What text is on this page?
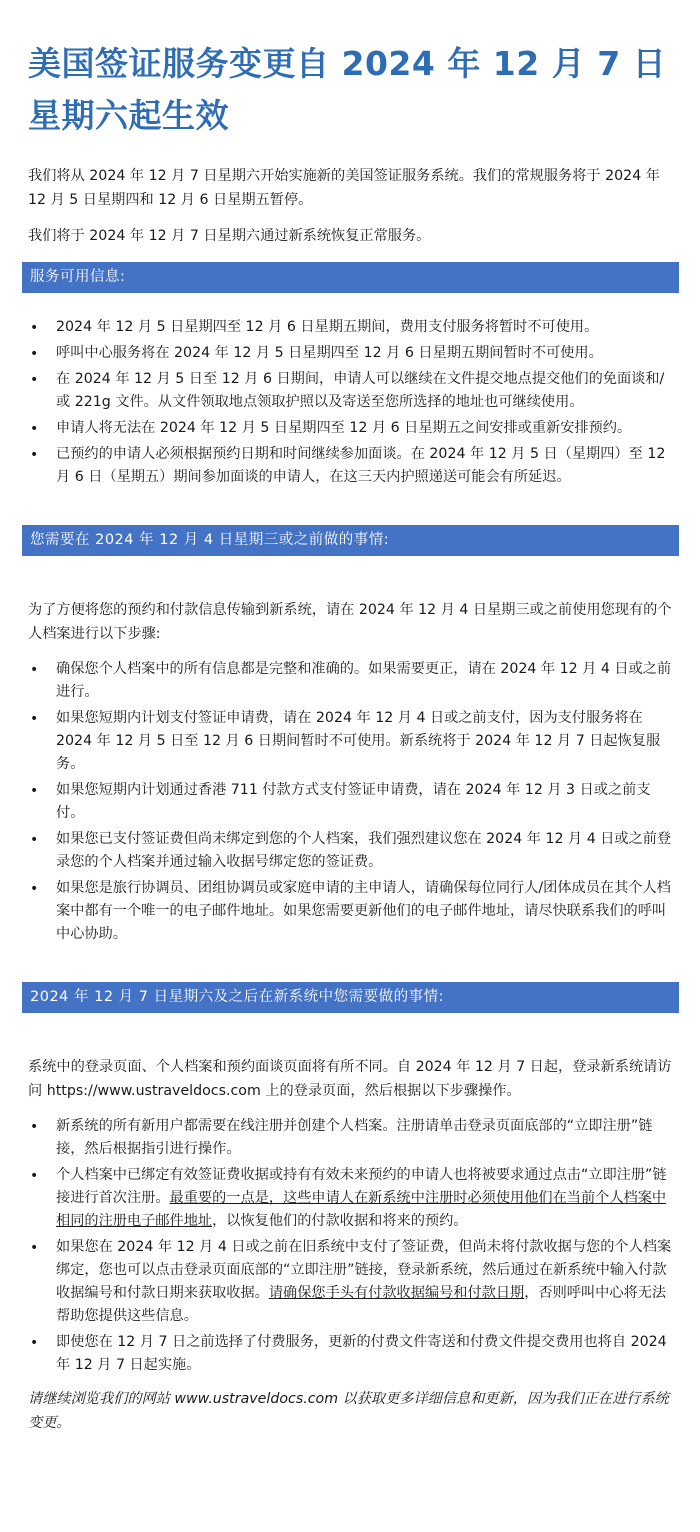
美国签证服务变更自 2024 年 12 月 7 日
星期六起生效

我们将从 2024 年 12 月 7 日星期六开始实施新的美国签证服务系统。我们的常规服务将于 2024 年 12 月 5 日星期四和 12 月 6 日星期五暂停。

我们将于 2024 年 12 月 7 日星期六通过新系统恢复正常服务。

服务可用信息:
• 2024 年 12 月 5 日星期四至 12 月 6 日星期五期间，费用支付服务将暂时不可使用。
• 呼叫中心服务将在 2024 年 12 月 5 日星期四至 12 月 6 日星期五期间暂时不可使用。
• 在 2024 年 12 月 5 日至 12 月 6 日期间，申请人可以继续在文件提交地点提交他们的免面谈和/或 221g 文件。从文件领取地点领取护照以及寄送至您所选择的地址也可继续使用。
• 申请人将无法在 2024 年 12 月 5 日星期四至 12 月 6 日星期五之间安排或重新安排预约。
• 已预约的申请人必须根据预约日期和时间继续参加面谈。在 2024 年 12 月 5 日（星期四）至 12 月 6 日（星期五）期间参加面谈的申请人，在这三天内护照递送可能会有所延迟。
您需要在 2024 年 12 月 4 日星期三或之前做的事情:

为了方便将您的预约和付款信息传输到新系统，请在 2024 年 12 月 4 日星期三或之前使用您现有的个人档案进行以下步骤:

• 确保您个人档案中的所有信息都是完整和准确的。如果需要更正，请在 2024 年 12 月 4 日或之前进行。
• 如果您短期内计划支付签证申请费，请在 2024 年 12 月 4 日或之前支付，因为支付服务将在 2024 年 12 月 5 日至 12 月 6 日期间暂时不可使用。新系统将于 2024 年 12 月 7 日起恢复服务。
• 如果您短期内计划通过香港 711 付款方式支付签证申请费，请在 2024 年 12 月 3 日或之前支付。
• 如果您已支付签证费但尚未绑定到您的个人档案，我们强烈建议您在 2024 年 12 月 4 日或之前登录您的个人档案并通过输入收据号绑定您的签证费。
• 如果您是旅行协调员、团组协调员或家庭申请的主申请人，请确保每位同行人/团体成员在其个人档案中都有一个唯一的电子邮件地址。如果您需要更新他们的电子邮件地址，请尽快联系我们的呼叫中心协助。
2024 年 12 月 7 日星期六及之后在新系统中您需要做的事情:

系统中的登录页面、个人档案和预约面谈页面将有所不同。自 2024 年 12 月 7 日起，登录新系统请访问 https://www.ustraveldocs.com 上的登录页面，然后根据以下步骤操作。

• 新系统的所有新用户都需要在线注册并创建个人档案。注册请单击登录页面底部的“立即注册”链接，然后根据指引进行操作。
• 个人档案中已绑定有效签证费收据或持有有效未来预约的申请人也将被要求通过点击“立即注册”链接进行首次注册。最重要的一点是，这些申请人在新系统中注册时必须使用他们在当前个人档案中相同的注册电子邮件地址，以恢复他们的付款收据和将来的预约。
• 如果您在 2024 年 12 月 4 日或之前在旧系统中支付了签证费，但尚未将付款收据与您的个人档案绑定，您也可以点击登录页面底部的“立即注册”链接，登录新系统，然后通过在新系统中输入付款收据编号和付款日期来获取收据。请确保您手头有付款收据编号和付款日期，否则呼叫中心将无法帮助您提供这些信息。
• 即使您在 12 月 7 日之前选择了付费服务，更新的付费文件寄送和付费文件提交费用也将自 2024 年 12 月 7 日起实施。

请继续浏览我们的网站 www.ustraveldocs.com 以获取更多详细信息和更新，因为我们正在进行系统变更。
